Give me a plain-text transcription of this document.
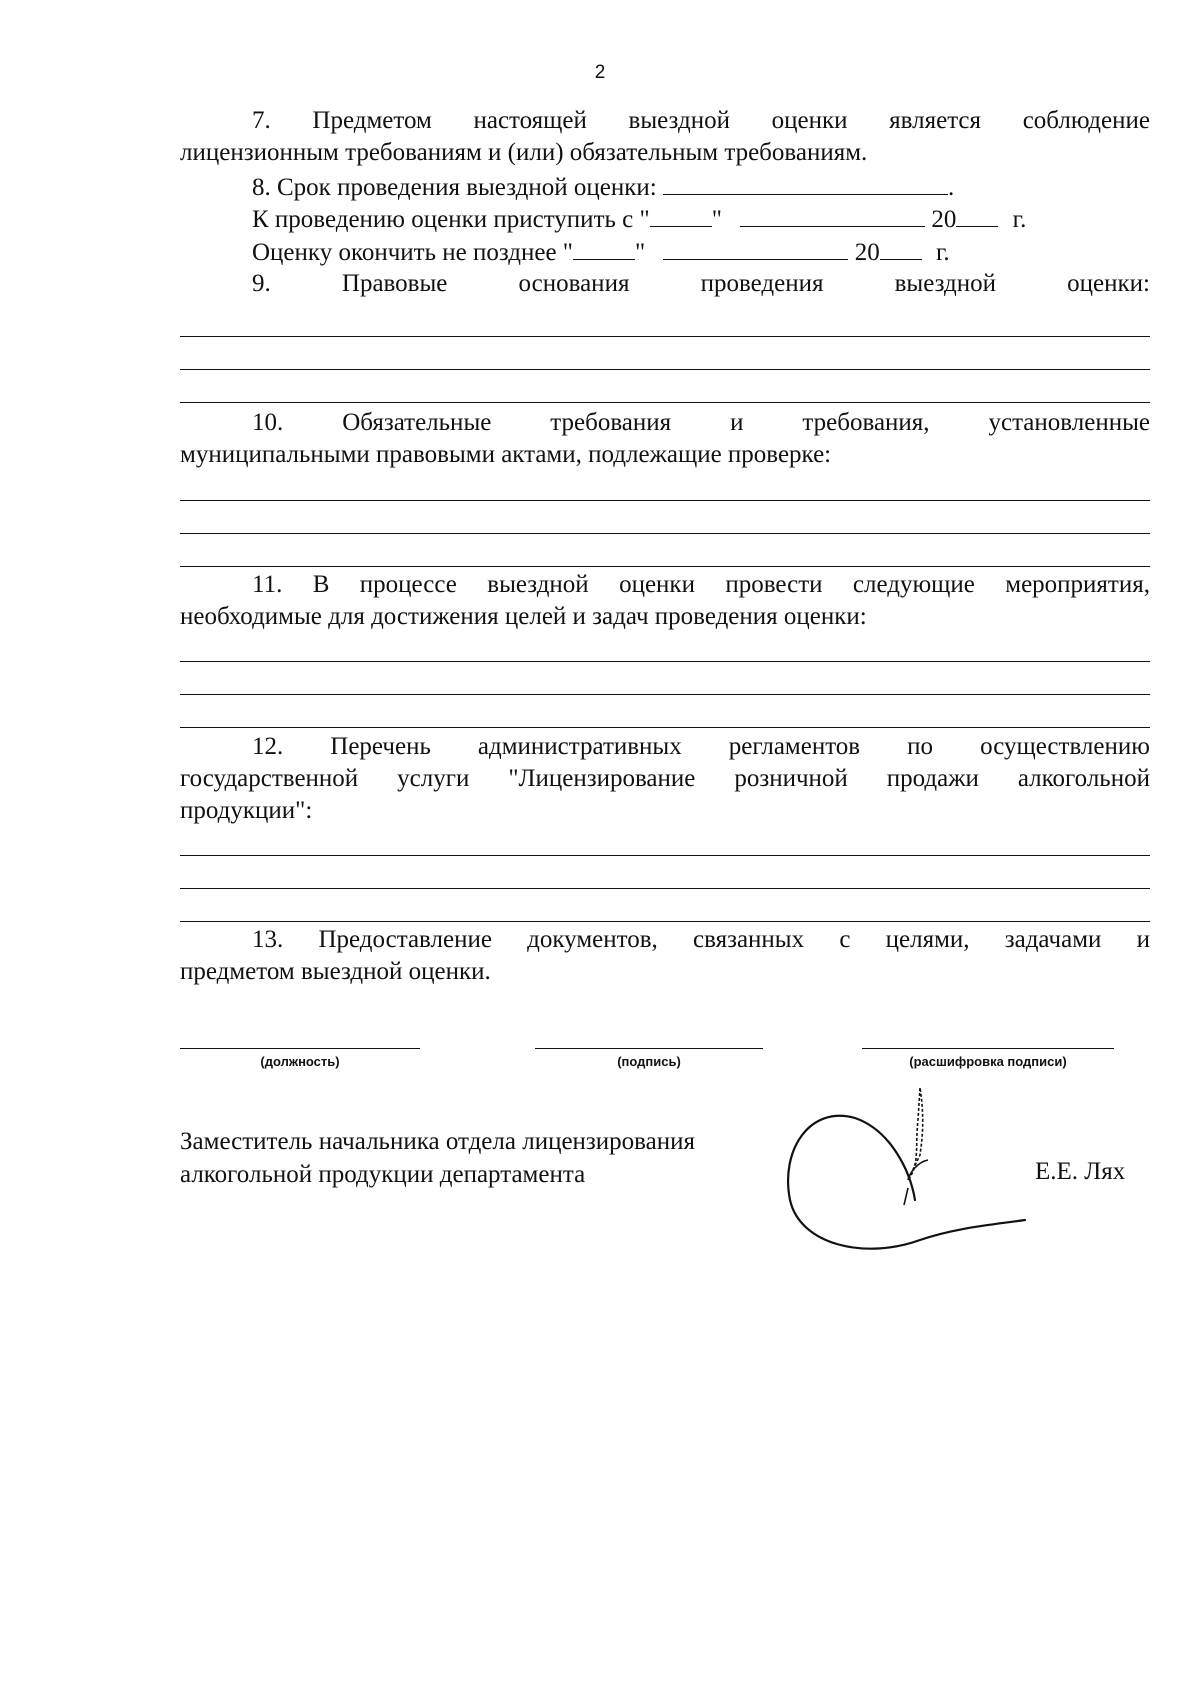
2
7. Предметом настоящей выездной оценки является соблюдение
лицензионным требованиям и (или) обязательным требованиям.
8. Срок проведения выездной оценки:	.
К проведению оценки приступить с " "	20 г.
Оценку окончить не позднее " "	20 г.
9.	Правовые	основания	проведения	выездной	оценки:
10. Обязательные требования и требования, установленные
муниципальными правовыми актами, подлежащие проверке:
11. В процессе выездной оценки провести следующие мероприятия,
необходимые для достижения целей и задач проведения оценки:
12. Перечень административных регламентов по осуществлению
государственной услуги "Лицензирование розничной продажи алкогольной
продукции":
13. Предоставление документов, связанных с целями, задачами и
предметом выездной оценки.
(должность)	(подпись)	(расшифровка подписи)
Заместитель начальника отдела лицензирования
алкогольной продукции департамента	Е.Е. Лях
